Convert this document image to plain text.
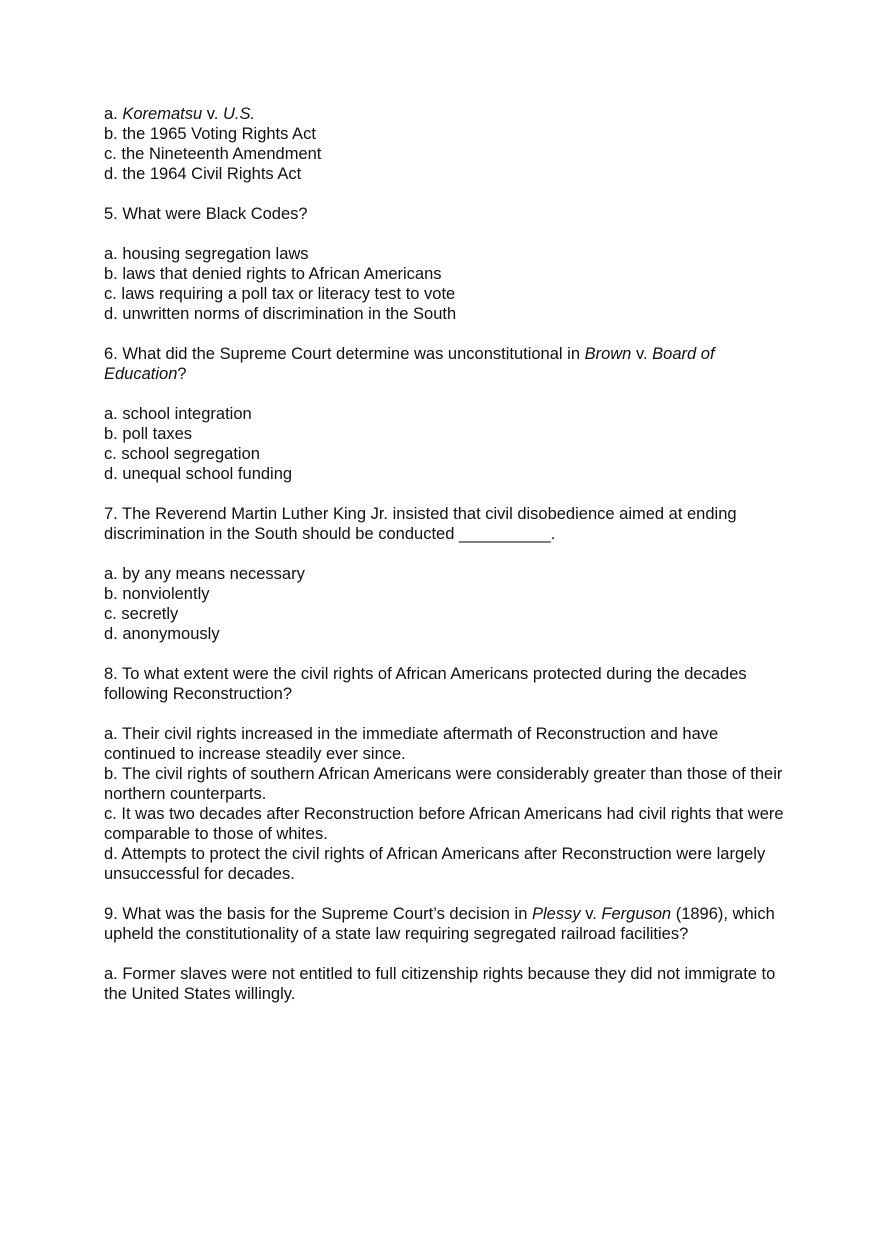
a. Korematsu v. U.S.
b. the 1965 Voting Rights Act
c. the Nineteenth Amendment
d. the 1964 Civil Rights Act
5. What were Black Codes?
a. housing segregation laws
b. laws that denied rights to African Americans
c. laws requiring a poll tax or literacy test to vote
d. unwritten norms of discrimination in the South
6. What did the Supreme Court determine was unconstitutional in Brown v. Board of Education?
a. school integration
b. poll taxes
c. school segregation
d. unequal school funding
7. The Reverend Martin Luther King Jr. insisted that civil disobedience aimed at ending discrimination in the South should be conducted __________.
a. by any means necessary
b. nonviolently
c. secretly
d. anonymously
8. To what extent were the civil rights of African Americans protected during the decades following Reconstruction?
a. Their civil rights increased in the immediate aftermath of Reconstruction and have continued to increase steadily ever since.
b. The civil rights of southern African Americans were considerably greater than those of their northern counterparts.
c. It was two decades after Reconstruction before African Americans had civil rights that were comparable to those of whites.
d. Attempts to protect the civil rights of African Americans after Reconstruction were largely unsuccessful for decades.
9. What was the basis for the Supreme Court’s decision in Plessy v. Ferguson (1896), which upheld the constitutionality of a state law requiring segregated railroad facilities?
a. Former slaves were not entitled to full citizenship rights because they did not immigrate to the United States willingly.
